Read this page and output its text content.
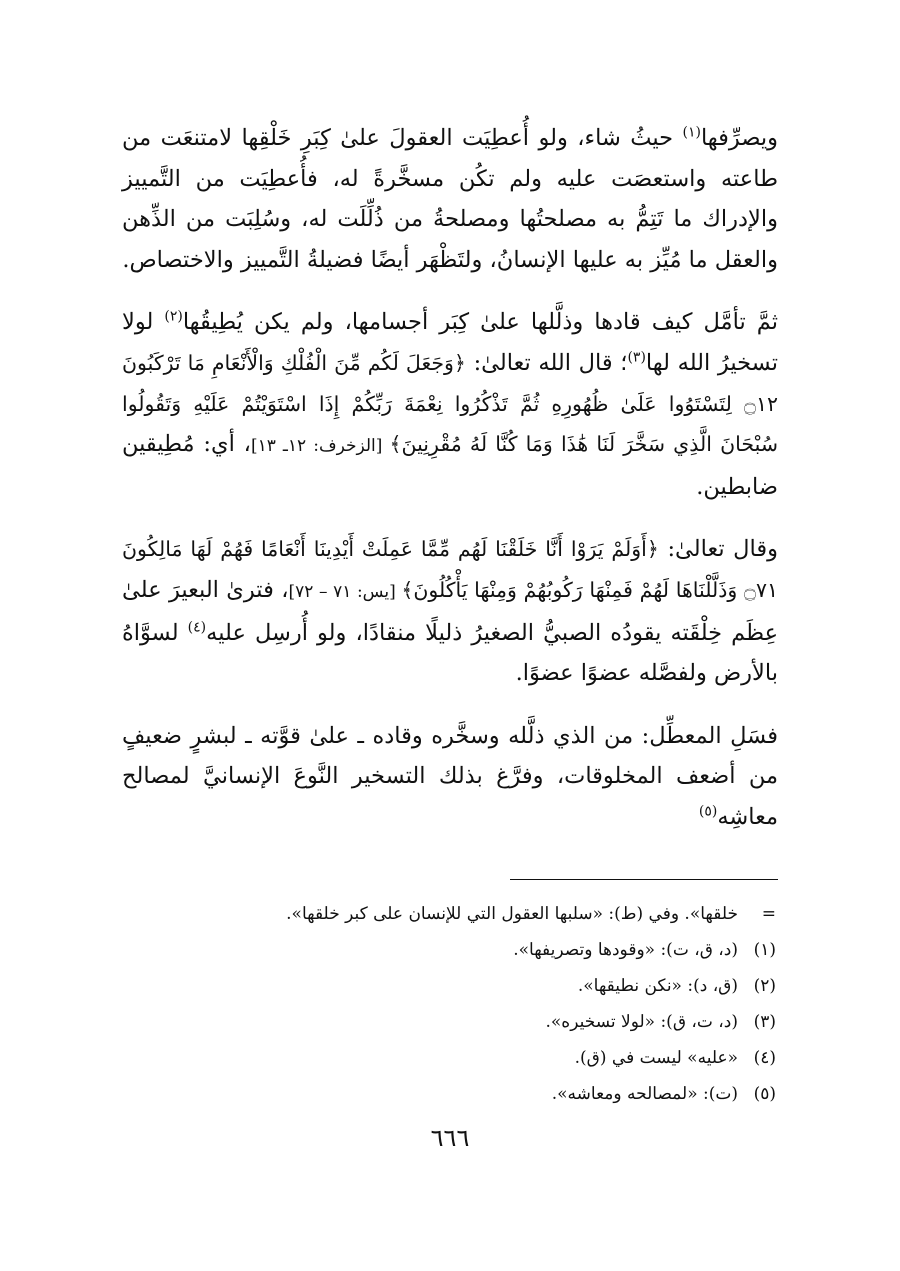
ويصرِّفها$^{(١)}$ حيثُ شاء، ولو أُعطِيَت العقولَ علىٰ كِبَرِ خَلْقِها لامتنعَت من طاعته واستعصَت عليه ولم تكُن مسخَّرةً له، فأُعطِيَت من التَّمييز والإدراك ما تَتِمُّ به مصلحتُها ومصلحةُ من ذُلِّلَت له، وسُلِبَت من الذِّهن والعقل ما مُيِّز به عليها الإنسانُ، ولتَظْهَر أيضًا فضيلةُ التَّمييز والاختصاص.

ثمَّ تأمَّل كيف قادها وذلَّلها علىٰ كِبَر أجسامها، ولم يكن يُطِيقُها$^{(٢)}$ لولا تسخيرُ الله لها$^{(٣)}$؛ قال الله تعالىٰ: ﴿وَجَعَلَ لَكُم مِّنَ الْفُلْكِ وَالْأَنْعَامِ مَا تَرْكَبُونَ ۝١٢ لِتَسْتَوُوا عَلَىٰ ظُهُورِهِ ثُمَّ تَذْكُرُوا نِعْمَةَ رَبِّكُمْ إِذَا اسْتَوَيْتُمْ عَلَيْهِ وَتَقُولُوا سُبْحَانَ الَّذِي سَخَّرَ لَنَا هَٰذَا وَمَا كُنَّا لَهُ مُقْرِنِينَ﴾ [الزخرف: ١٢ـ ١٣]، أي: مُطِيقين ضابطين.

وقال تعالىٰ: ﴿أَوَلَمْ يَرَوْا أَنَّا خَلَقْنَا لَهُم مِّمَّا عَمِلَتْ أَيْدِينَا أَنْعَامًا فَهُمْ لَهَا مَالِكُونَ ۝٧١ وَذَلَّلْنَاهَا لَهُمْ فَمِنْهَا رَكُوبُهُمْ وَمِنْهَا يَأْكُلُونَ﴾ [يس: ٧١ – ٧٢]، فترىٰ البعيرَ علىٰ عِظَم خِلْقَته يقودُه الصبيُّ الصغيرُ ذليلًا منقادًا، ولو أُرسِل عليه$^{(٤)}$ لسوَّاهُ بالأرض ولفصَّله عضوًا عضوًا.

فسَلِ المعطِّل: من الذي ذلَّله وسخَّره وقاده ـ علىٰ قوَّته ـ لبشرٍ ضعيفٍ من أضعف المخلوقات، وفرَّغ بذلك التسخير النَّوعَ الإنسانيَّ لمصالح معاشِه$^{(٥)}$

=خلقها». وفي (ط): «سلبها العقول التي للإنسان على كبر خلقها».

(١)(د، ق، ت): «وقودها وتصريفها».

(٢)(ق، د): «نكن نطيقها».

(٣)(د، ت، ق): «لولا تسخيره».

(٤)«عليه» ليست في (ق).

(٥)(ت): «لمصالحه ومعاشه».

٦٦٦
